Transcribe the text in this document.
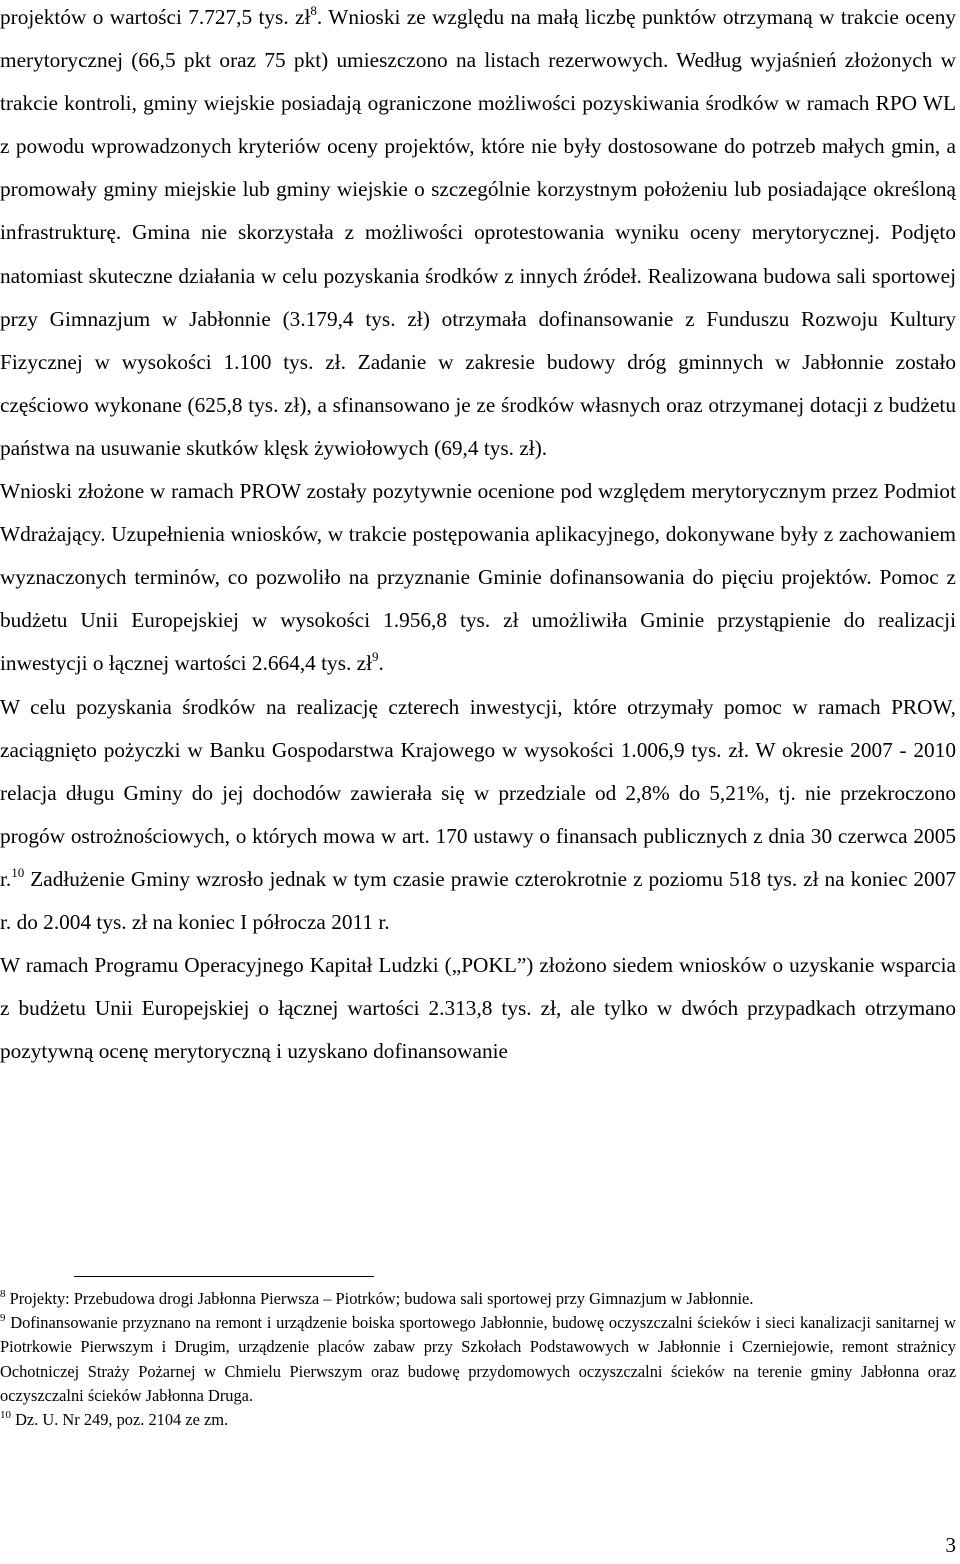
projektów o wartości 7.727,5 tys. $zł^8$. Wnioski ze względu na małą liczbę punktów otrzymaną w trakcie oceny merytorycznej (66,5 pkt oraz 75 pkt) umieszczono na listach rezerwowych. Według wyjaśnień złożonych w trakcie kontroli, gminy wiejskie posiadają ograniczone możliwości pozyskiwania środków w ramach RPO WL z powodu wprowadzonych kryteriów oceny projektów, które nie były dostosowane do potrzeb małych gmin, a promowały gminy miejskie lub gminy wiejskie o szczególnie korzystnym położeniu lub posiadające określoną infrastrukturę. Gmina nie skorzystała z możliwości oprotestowania wyniku oceny merytorycznej. Podjęto natomiast skuteczne działania w celu pozyskania środków z innych źródeł. Realizowana budowa sali sportowej przy Gimnazjum w Jabłonnie (3.179,4 tys. zł) otrzymała dofinansowanie z Funduszu Rozwoju Kultury Fizycznej w wysokości 1.100 tys. zł. Zadanie w zakresie budowy dróg gminnych w Jabłonnie zostało częściowo wykonane (625,8 tys. zł), a sfinansowano je ze środków własnych oraz otrzymanej dotacji z budżetu państwa na usuwanie skutków klęsk żywiołowych (69,4 tys. zł).

Wnioski złożone w ramach PROW zostały pozytywnie ocenione pod względem merytorycznym przez Podmiot Wdrażający. Uzupełnienia wniosków, w trakcie postępowania aplikacyjnego, dokonywane były z zachowaniem wyznaczonych terminów, co pozwoliło na przyznanie Gminie dofinansowania do pięciu projektów. Pomoc z budżetu Unii Europejskiej w wysokości 1.956,8 tys. zł umożliwiła Gminie przystąpienie do realizacji inwestycji o łącznej wartości 2.664,4 tys. $zł^9$.

W celu pozyskania środków na realizację czterech inwestycji, które otrzymały pomoc w ramach PROW, zaciągnięto pożyczki w Banku Gospodarstwa Krajowego w wysokości 1.006,9 tys. zł. W okresie 2007 - 2010 relacja długu Gminy do jej dochodów zawierała się w przedziale od 2,8% do 5,21%, tj. nie przekroczono progów ostrożnościowych, o których mowa w art. 170 ustawy o finansach publicznych z dnia 30 czerwca 2005 r.$^{10}$ Zadłużenie Gminy wzrosło jednak w tym czasie prawie czterokrotnie z poziomu 518 tys. zł na koniec 2007 r. do 2.004 tys. zł na koniec I półrocza 2011 r.

W ramach Programu Operacyjnego Kapitał Ludzki („POKL”) złożono siedem wniosków o uzyskanie wsparcia z budżetu Unii Europejskiej o łącznej wartości 2.313,8 tys. zł, ale tylko w dwóch przypadkach otrzymano pozytywną ocenę merytoryczną i uzyskano dofinansowanie

$^8$ Projekty: Przebudowa drogi Jabłonna Pierwsza – Piotrków; budowa sali sportowej przy Gimnazjum w Jabłonnie.

$^9$ Dofinansowanie przyznano na remont i urządzenie boiska sportowego Jabłonnie, budowę oczyszczalni ścieków i sieci kanalizacji sanitarnej w Piotrkowie Pierwszym i Drugim, urządzenie placów zabaw przy Szkołach Podstawowych w Jabłonnie i Czerniejowie, remont strażnicy Ochotniczej Straży Pożarnej w Chmielu Pierwszym oraz budowę przydomowych oczyszczalni ścieków na terenie gminy Jabłonna oraz oczyszczalni ścieków Jabłonna Druga.

$^{10}$ Dz. U. Nr 249, poz. 2104 ze zm.

3
